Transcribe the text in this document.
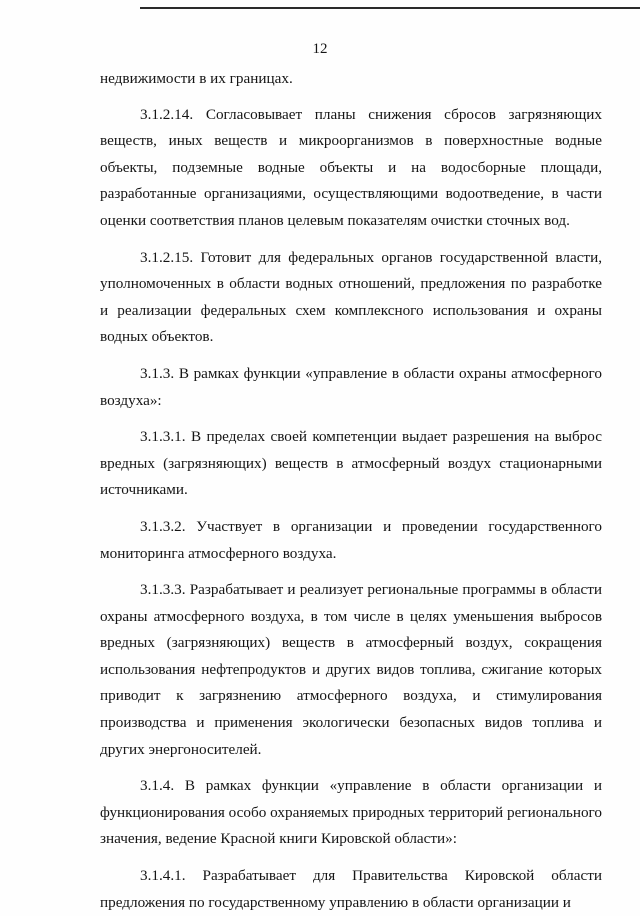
12

недвижимости в их границах.

3.1.2.14. Согласовывает планы снижения сбросов загрязняющих веществ, иных веществ и микроорганизмов в поверхностные водные объекты, подземные водные объекты и на водосборные площади, разработанные организациями, осуществляющими водоотведение, в части оценки соответствия планов целевым показателям очистки сточных вод.

3.1.2.15. Готовит для федеральных органов государственной власти, уполномоченных в области водных отношений, предложения по разработке и реализации федеральных схем комплексного использования и охраны водных объектов.

3.1.3. В рамках функции «управление в области охраны атмосферного воздуха»:

3.1.3.1. В пределах своей компетенции выдает разрешения на выброс вредных (загрязняющих) веществ в атмосферный воздух стационарными источниками.

3.1.3.2. Участвует в организации и проведении государственного мониторинга атмосферного воздуха.

3.1.3.3. Разрабатывает и реализует региональные программы в области охраны атмосферного воздуха, в том числе в целях уменьшения выбросов вредных (загрязняющих) веществ в атмосферный воздух, сокращения использования нефтепродуктов и других видов топлива, сжигание которых приводит к загрязнению атмосферного воздуха, и стимулирования производства и применения экологически безопасных видов топлива и других энергоносителей.

3.1.4. В рамках функции «управление в области организации и функционирования особо охраняемых природных территорий регионального значения, ведение Красной книги Кировской области»:

3.1.4.1. Разрабатывает для Правительства Кировской области предложения по государственному управлению в области организации и
